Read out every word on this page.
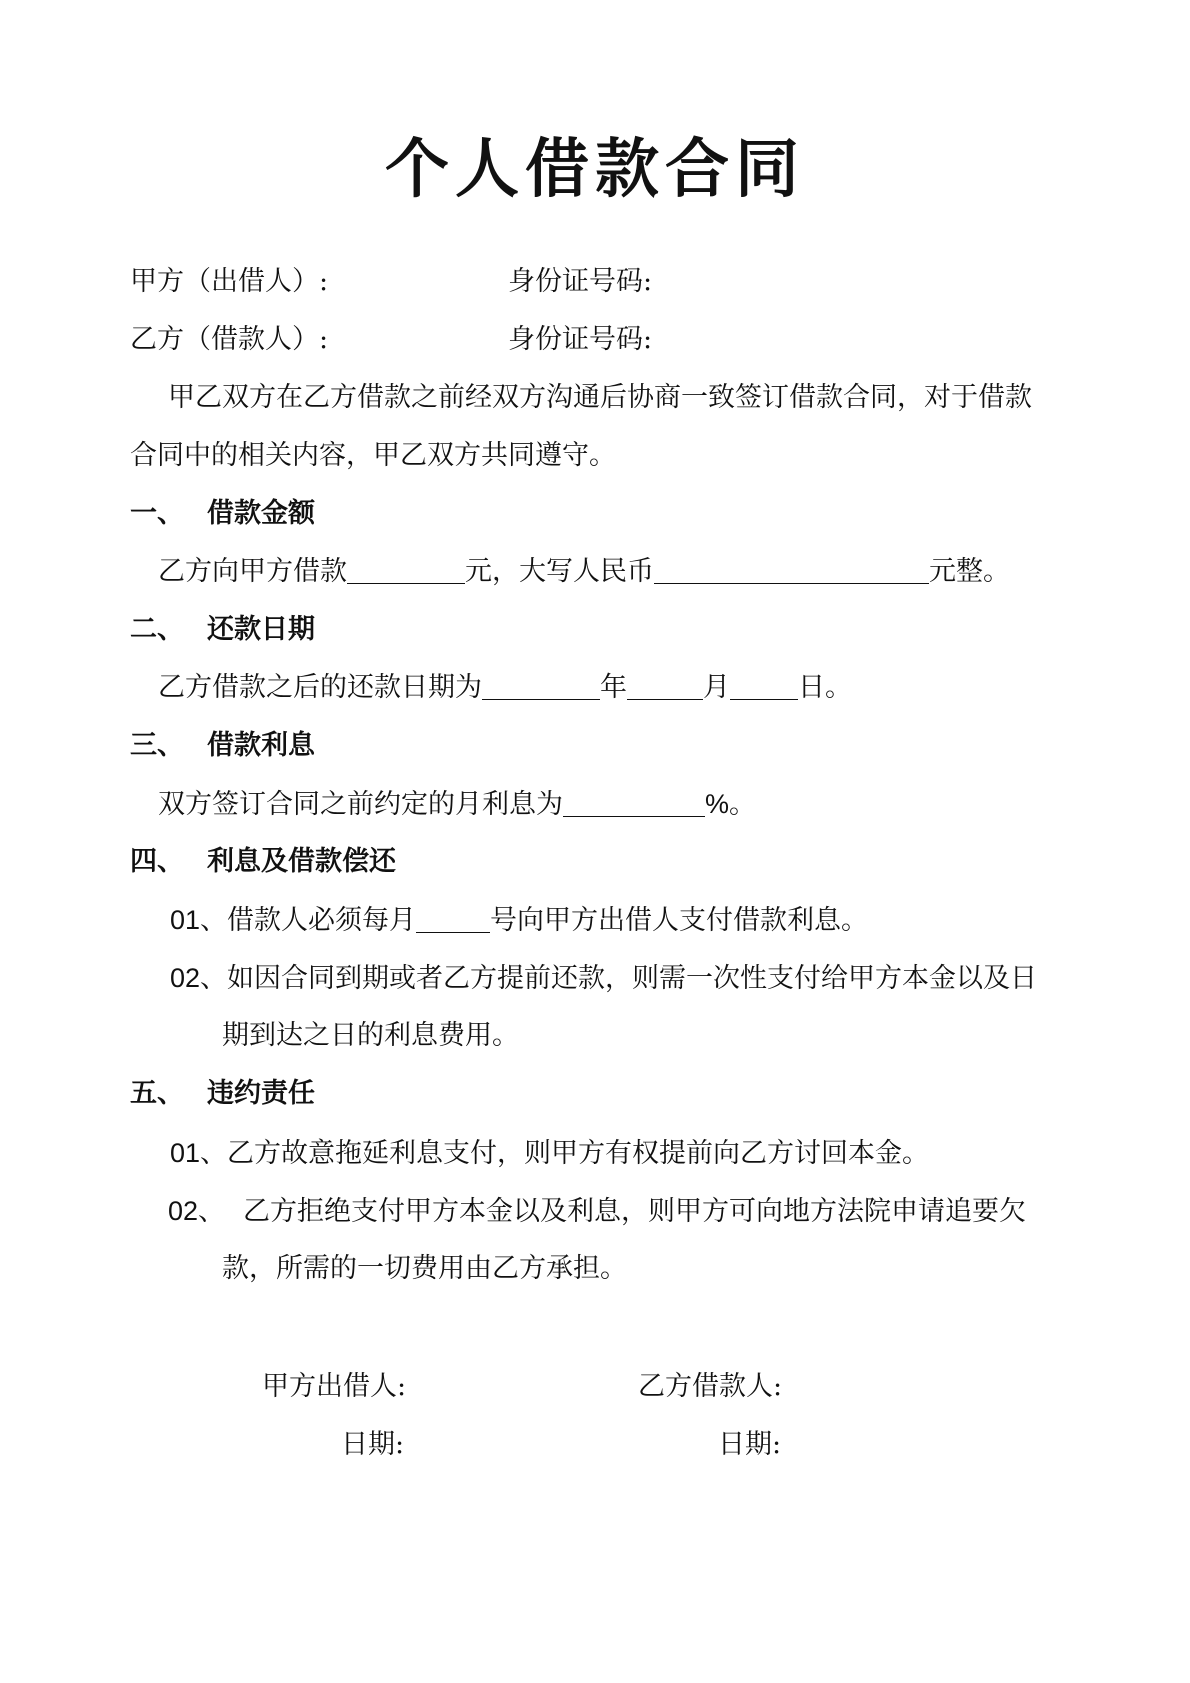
个人借款合同
甲方（出借人）:	身份证号码:
乙方（借款人）:	身份证号码:
甲乙双方在乙方借款之前经双方沟通后协商一致签订借款合同，对于借款
合同中的相关内容，甲乙双方共同遵守。
一、 借款金额
乙方向甲方借款	元，大写人民币	元整。
二、 还款日期
乙方借款之后的还款日期为	年	月	日。
三、 借款利息
双方签订合同之前约定的月利息为	%。
四、 利息及借款偿还
01、借款人必须每月	号向甲方出借人支付借款利息。
02、如因合同到期或者乙方提前还款，则需一次性支付给甲方本金以及日
期到达之日的利息费用。
五、 违约责任
01、乙方故意拖延利息支付，则甲方有权提前向乙方讨回本金。
02、 乙方拒绝支付甲方本金以及利息，则甲方可向地方法院申请追要欠
款，所需的一切费用由乙方承担。
甲方出借人:	乙方借款人:
日期:	日期:
